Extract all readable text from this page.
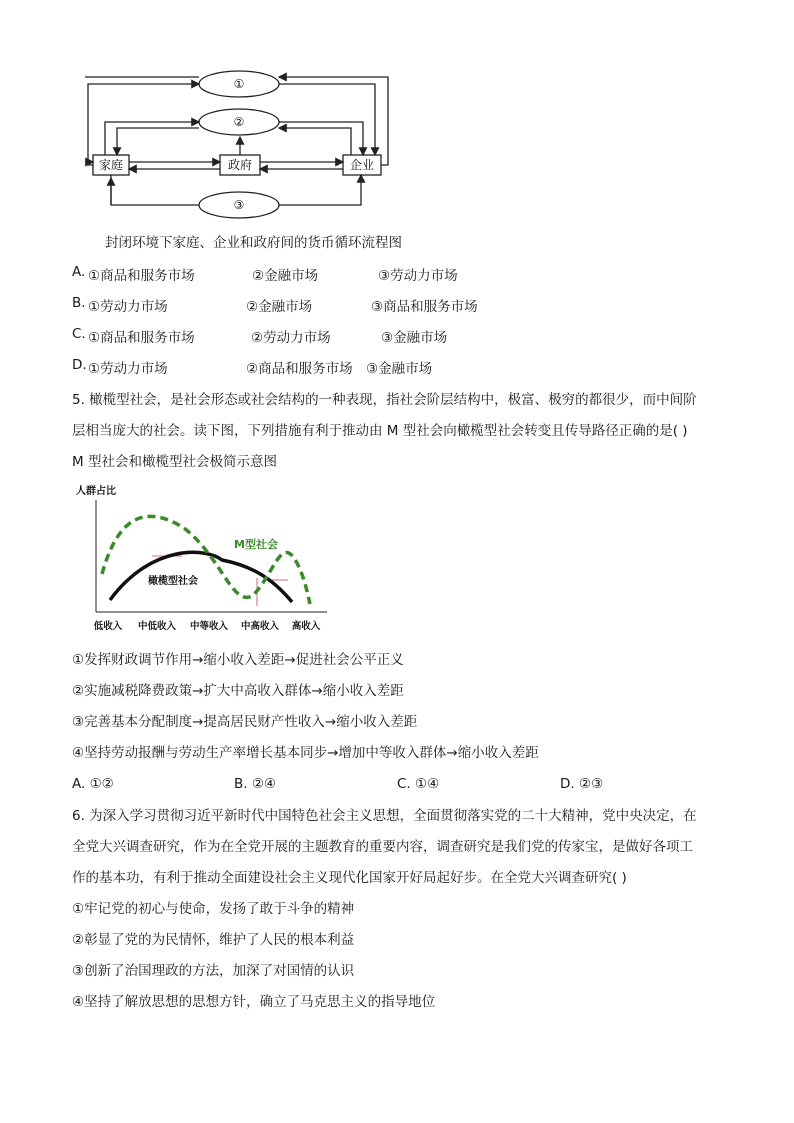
①
②
③
家庭	政府	企业
封闭环境下家庭、企业和政府间的货币循环流程图
A. ①商品和服务市场	②金融市场	③劳动力市场
B. ①劳动力市场	②金融市场	③商品和服务市场
C. ①商品和服务市场	②劳动力市场	③金融市场
D. ①劳动力市场	②商品和服务市场 ③金融市场
5. 橄榄型社会，是社会形态或社会结构的一种表现，指社会阶层结构中，极富、极穷的都很少，而中间阶
层相当庞大的社会。读下图，下列措施有利于推动由 M 型社会向橄榄型社会转变且传导路径正确的是( )
M 型社会和橄榄型社会极简示意图
人群占比
M型社会
橄榄型社会
低收入 中低收入 中等收入 中高收入 高收入
①发挥财政调节作用→缩小收入差距→促进社会公平正义
②实施减税降费政策→扩大中高收入群体→缩小收入差距
③完善基本分配制度→提高居民财产性收入→缩小收入差距
④坚持劳动报酬与劳动生产率增长基本同步→增加中等收入群体→缩小收入差距
A. ①②	B. ②④	C. ①④	D. ②③
6. 为深入学习贯彻习近平新时代中国特色社会主义思想，全面贯彻落实党的二十大精神，党中央决定，在
全党大兴调查研究，作为在全党开展的主题教育的重要内容，调查研究是我们党的传家宝，是做好各项工
作的基本功，有利于推动全面建设社会主义现代化国家开好局起好步。在全党大兴调查研究( )
①牢记党的初心与使命，发扬了敢于斗争的精神
②彰显了党的为民情怀，维护了人民的根本利益
③创新了治国理政的方法，加深了对国情的认识
④坚持了解放思想的思想方针，确立了马克思主义的指导地位
